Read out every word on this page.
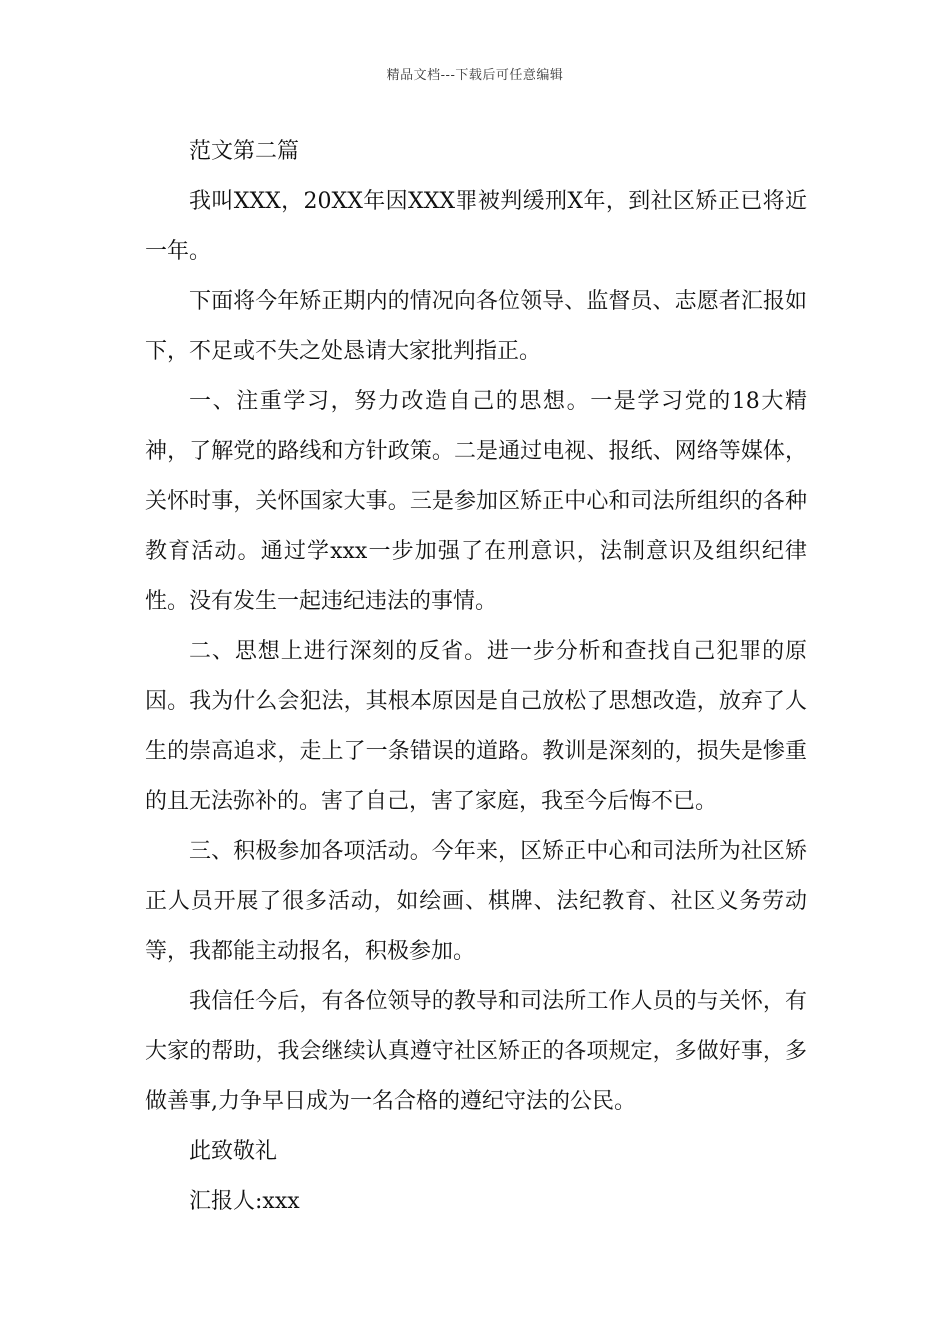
精品文档---下载后可任意编辑

范文第二篇

我叫XXX，20XX年因XXX罪被判缓刑X年，到社区矫正已将近一年。

下面将今年矫正期内的情况向各位领导、监督员、志愿者汇报如下，不足或不失之处恳请大家批判指正。

一、注重学习，努力改造自己的思想。一是学习党的18大精神，了解党的路线和方针政策。二是通过电视、报纸、网络等媒体，关怀时事，关怀国家大事。三是参加区矫正中心和司法所组织的各种教育活动。通过学xxx一步加强了在刑意识，法制意识及组织纪律性。没有发生一起违纪违法的事情。

二、思想上进行深刻的反省。进一步分析和查找自己犯罪的原因。我为什么会犯法，其根本原因是自己放松了思想改造，放弃了人生的崇高追求，走上了一条错误的道路。教训是深刻的，损失是惨重的且无法弥补的。害了自己，害了家庭，我至今后悔不已。

三、积极参加各项活动。今年来，区矫正中心和司法所为社区矫正人员开展了很多活动，如绘画、棋牌、法纪教育、社区义务劳动等，我都能主动报名，积极参加。

我信任今后，有各位领导的教导和司法所工作人员的与关怀，有大家的帮助，我会继续认真遵守社区矫正的各项规定，多做好事，多做善事,力争早日成为一名合格的遵纪守法的公民。

此致敬礼

汇报人:xxx
